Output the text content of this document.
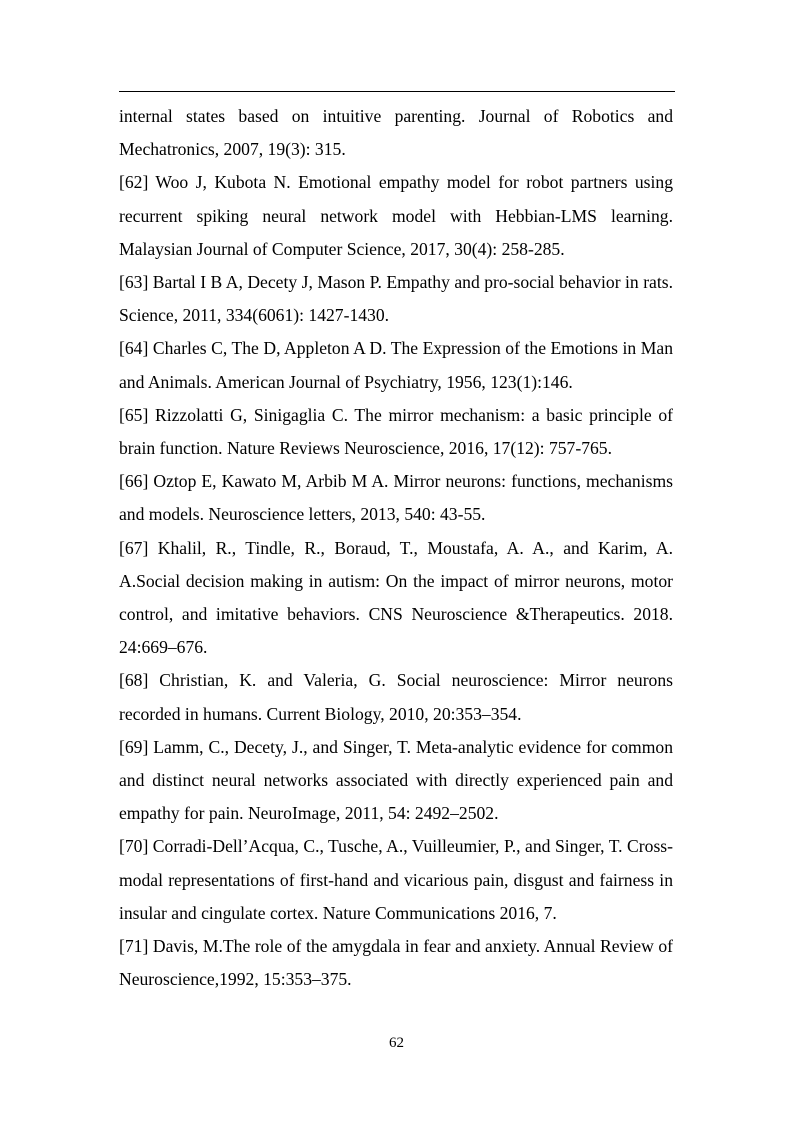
internal states based on intuitive parenting. Journal of Robotics and Mechatronics, 2007, 19(3): 315.

[62] Woo J, Kubota N. Emotional empathy model for robot partners using recurrent spiking neural network model with Hebbian-LMS learning. Malaysian Journal of Computer Science, 2017, 30(4): 258-285.

[63] Bartal I B A, Decety J, Mason P. Empathy and pro-social behavior in rats. Science, 2011, 334(6061): 1427-1430.

[64] Charles C, The D, Appleton A D. The Expression of the Emotions in Man and Animals. American Journal of Psychiatry, 1956, 123(1):146.

[65] Rizzolatti G, Sinigaglia C. The mirror mechanism: a basic principle of brain function. Nature Reviews Neuroscience, 2016, 17(12): 757-765.

[66] Oztop E, Kawato M, Arbib M A. Mirror neurons: functions, mechanisms and models. Neuroscience letters, 2013, 540: 43-55.

[67] Khalil, R., Tindle, R., Boraud, T., Moustafa, A. A., and Karim, A. A.Social decision making in autism: On the impact of mirror neurons, motor control, and imitative behaviors. CNS Neuroscience &Therapeutics. 2018. 24:669–676.

[68] Christian, K. and Valeria, G. Social neuroscience: Mirror neurons recorded in humans. Current Biology, 2010, 20:353–354.

[69] Lamm, C., Decety, J., and Singer, T. Meta-analytic evidence for common and distinct neural networks associated with directly experienced pain and empathy for pain. NeuroImage, 2011, 54: 2492–2502.

[70] Corradi-Dell’Acqua, C., Tusche, A., Vuilleumier, P., and Singer, T. Cross-modal representations of first-hand and vicarious pain, disgust and fairness in insular and cingulate cortex. Nature Communications 2016, 7.

[71] Davis, M.The role of the amygdala in fear and anxiety. Annual Review of Neuroscience,1992, 15:353–375.

62
